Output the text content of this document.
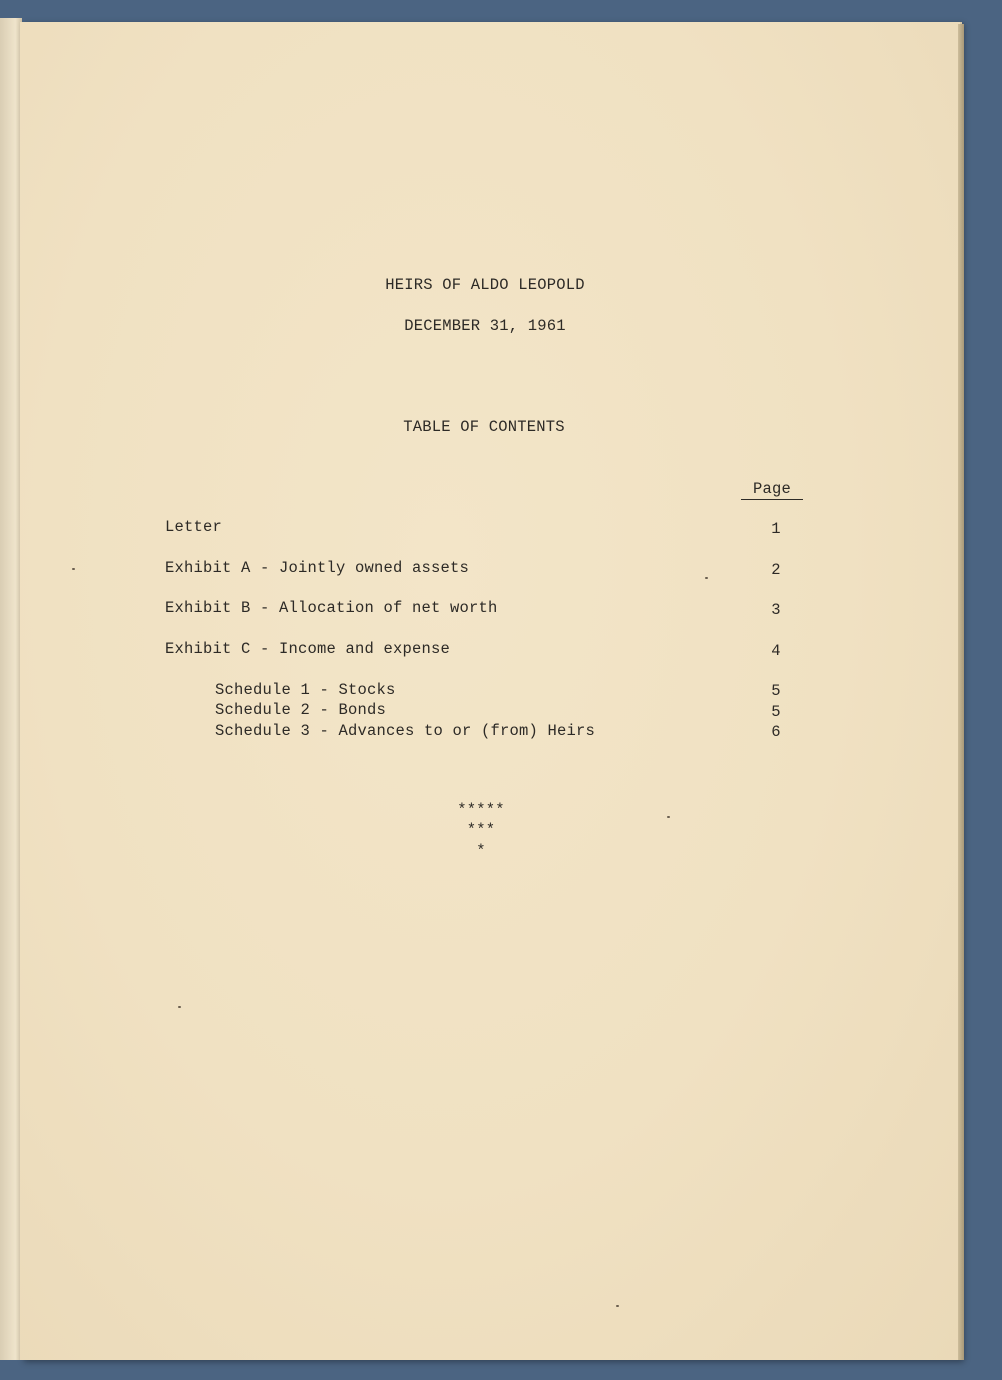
HEIRS OF ALDO LEOPOLD
DECEMBER 31, 1961
TABLE OF CONTENTS
Page
Letter	1
Exhibit A - Jointly owned assets	2
Exhibit B - Allocation of net worth	3
Exhibit C - Income and expense	4
Schedule 1 - Stocks	5
Schedule 2 - Bonds	5
Schedule 3 - Advances to or (from) Heirs	6
*****
***
*
